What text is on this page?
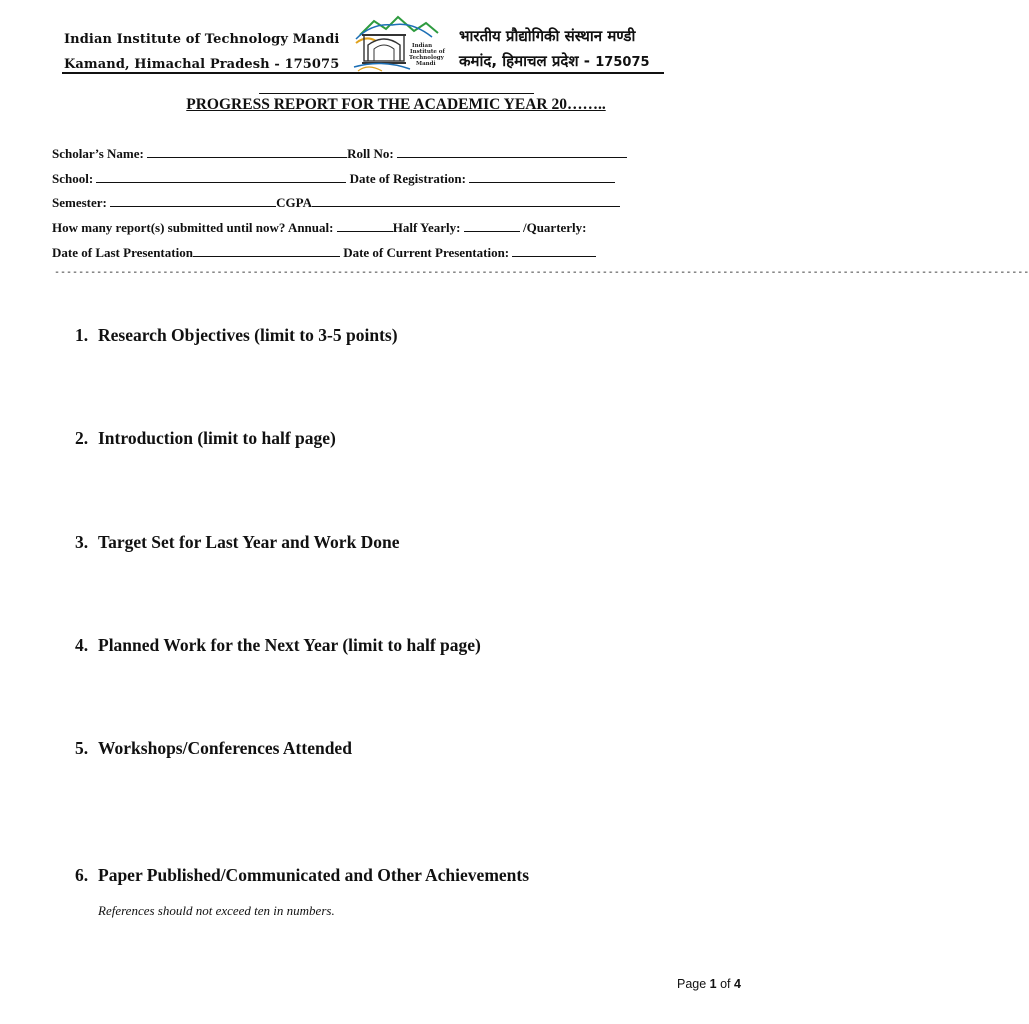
Indian Institute of Technology Mandi
Kamand, Himachal Pradesh - 175075
Indian
Institute of
Technology
Mandi
भारतीय प्रौद्योगिकी संस्थान मण्डी
कमांद, हिमाचल प्रदेश - 175075
PROGRESS REPORT FOR THE ACADEMIC YEAR 20……..
Scholar’s Name:	Roll No:
School:	Date of Registration:
Semester:	CGPA
How many report(s) submitted until now? Annual:	Half Yearly:	/Quarterly:
Date of Last Presentation	Date of Current Presentation:
------------------------------------------------------------------------------------------------------------------------------------------------------------------
1. Research Objectives (limit to 3-5 points)
2. Introduction (limit to half page)
3. Target Set for Last Year and Work Done
4. Planned Work for the Next Year (limit to half page)
5. Workshops/Conferences Attended
6. Paper Published/Communicated and Other Achievements
References should not exceed ten in numbers.
Page 1 of 4
